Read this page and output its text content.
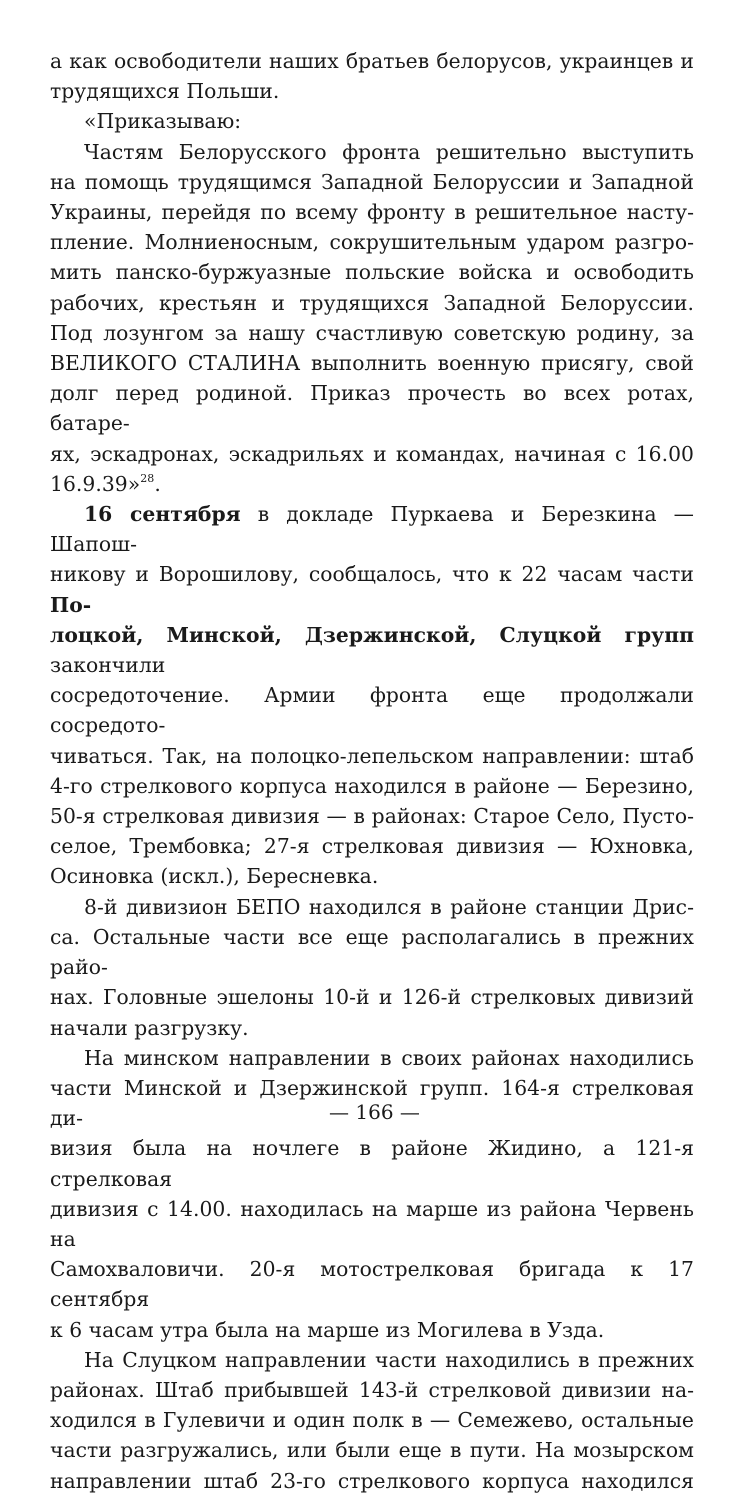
а как освободители наших братьев белорусов, украинцев и

трудящихся Польши.

«Приказываю:

Частям Белорусского фронта решительно выступить

на помощь трудящимся Западной Белоруссии и Западной

Украины, перейдя по всему фронту в решительное насту-

пление. Молниеносным, сокрушительным ударом разгро-

мить панско-буржуазные польские войска и освободить

рабочих, крестьян и трудящихся Западной Белоруссии.

Под лозунгом за нашу счастливую советскую родину, за

ВЕЛИКОГО СТАЛИНА выполнить военную присягу, свой

долг перед родиной. Приказ прочесть во всех ротах, батаре-

ях, эскадронах, эскадрильях и командах, начиная с 16.00

16.9.39»$^{28}$.

16 сентября в докладе Пуркаева и Березкина — Шапош-

никову и Ворошилову, сообщалось, что к 22 часам части По-

лоцкой, Минской, Дзержинской, Слуцкой групп закончили

сосредоточение. Армии фронта еще продолжали сосредото-

чиваться. Так, на полоцко-лепельском направлении: штаб

4-го стрелкового корпуса находился в районе — Березино,

50-я стрелковая дивизия — в районах: Старое Село, Пусто-

селое, Трембовка; 27-я стрелковая дивизия — Юхновка,

Осиновка (искл.), Бересневка.

8-й дивизион БЕПО находился в районе станции Дрис-

са. Остальные части все еще располагались в прежних райо-

нах. Головные эшелоны 10-й и 126-й стрелковых дивизий

начали разгрузку.

На минском направлении в своих районах находились

части Минской и Дзержинской групп. 164-я стрелковая ди-

визия была на ночлеге в районе Жидино, а 121-я стрелковая

дивизия с 14.00. находилась на марше из района Червень на

Самохваловичи. 20-я мотострелковая бригада к 17 сентября

к 6 часам утра была на марше из Могилева в Узда.

На Слуцком направлении части находились в прежних

районах. Штаб прибывшей 143-й стрелковой дивизии на-

ходился в Гулевичи и один полк в — Семежево, остальные

части разгружались, или были еще в пути. На мозырском

направлении штаб 23-го стрелкового корпуса находился

— 166 —
